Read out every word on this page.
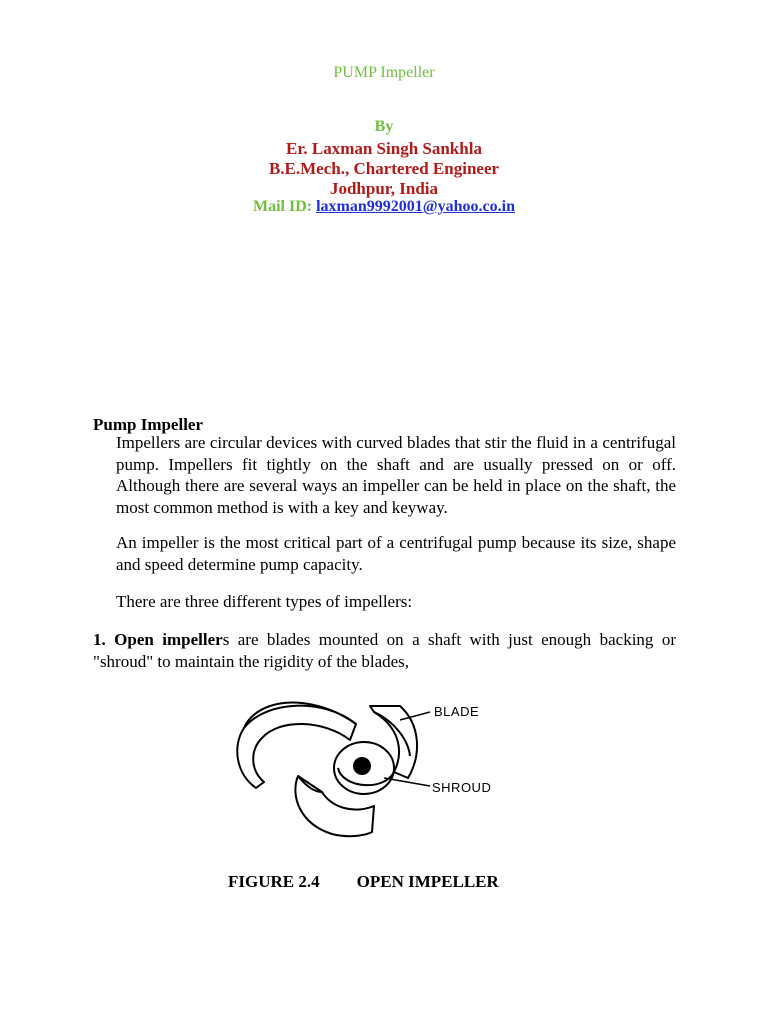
PUMP Impeller
By
Er. Laxman Singh Sankhla
B.E.Mech., Chartered Engineer
Jodhpur, India
Mail ID: laxman9992001@yahoo.co.in
Pump Impeller
Impellers are circular devices with curved blades that stir the fluid in a centrifugal pump. Impellers fit tightly on the shaft and are usually pressed on or off. Although there are several ways an impeller can be held in place on the shaft, the most common method is with a key and keyway.
An impeller is the most critical part of a centrifugal pump because its size, shape and speed determine pump capacity.
There are three different types of impellers:
1. Open impellers are blades mounted on a shaft with just enough backing or "shroud" to maintain the rigidity of the blades,
BLADE
SHROUD
FIGURE 2.4 OPEN IMPELLER
